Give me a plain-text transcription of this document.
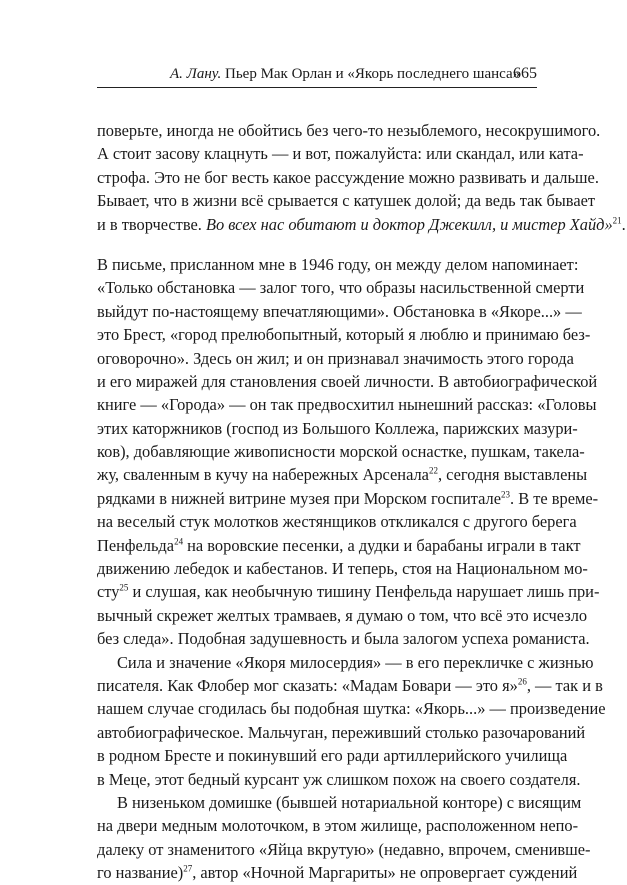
А. Лану. Пьер Мак Орлан и «Якорь последнего шанса»
665
поверьте, иногда не обойтись без чего-то незыблемого, несокрушимого.
А стоит засову клацнуть — и вот, пожалуйста: или скандал, или ката-
строфа. Это не бог весть какое рассуждение можно развивать и дальше.
Бывает, что в жизни всё срывается с катушек долой; да ведь так бывает
и в творчестве. Во всех нас обитают и доктор Джекилл, и мистер Хайд»$^{21}$.
В письме, присланном мне в 1946 году, он между делом напоминает:
«Только обстановка — залог того, что образы насильственной смерти
выйдут по-настоящему впечатляющими». Обстановка в «Якоре...» —
это Брест, «город прелюбопытный, который я люблю и принимаю без-
оговорочно». Здесь он жил; и он признавал значимость этого города
и его миражей для становления своей личности. В автобиографической
книге — «Города» — он так предвосхитил нынешний рассказ: «Головы
этих каторжников (господ из Большого Коллежа, парижских мазури-
ков), добавляющие живописности морской оснастке, пушкам, такела-
жу, сваленным в кучу на набережных Арсенала$^{22}$, сегодня выставлены
рядками в нижней витрине музея при Морском госпитале$^{23}$. В те време-
на веселый стук молотков жестянщиков откликался с другого берега
Пенфельда$^{24}$ на воровские песенки, а дудки и барабаны играли в такт
движению лебедок и кабестанов. И теперь, стоя на Национальном мо-
сту$^{25}$ и слушая, как необычную тишину Пенфельда нарушает лишь при-
вычный скрежет желтых трамваев, я думаю о том, что всё это исчезло
без следа». Подобная задушевность и была залогом успеха романиста.
Сила и значение «Якоря милосердия» — в его перекличке с жизнью
писателя. Как Флобер мог сказать: «Мадам Бовари — это я»$^{26}$, — так и в
нашем случае сгодилась бы подобная шутка: «Якорь...» — произведение
автобиографическое. Мальчуган, переживший столько разочарований
в родном Бресте и покинувший его ради артиллерийского училища
в Меце, этот бедный курсант уж слишком похож на своего создателя.
В низеньком домишке (бывшей нотариальной конторе) с висящим
на двери медным молоточком, в этом жилище, расположенном непо-
далеку от знаменитого «Яйца вкрутую» (недавно, впрочем, сменивше-
го название)$^{27}$, автор «Ночной Маргариты» не опровергает суждений
